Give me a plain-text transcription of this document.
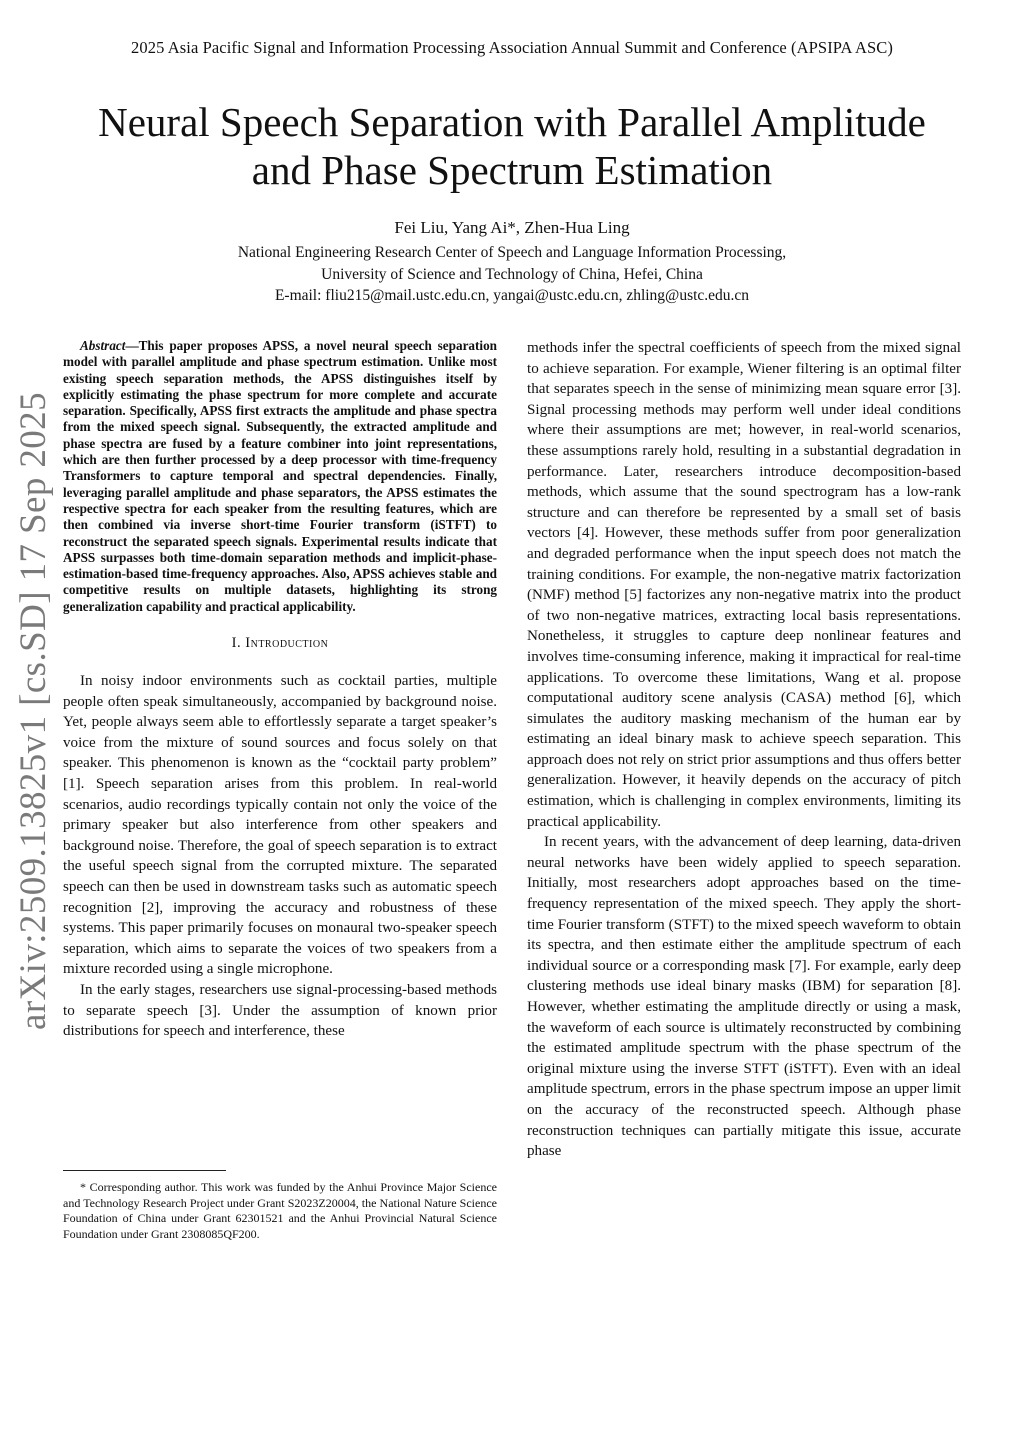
2025 Asia Pacific Signal and Information Processing Association Annual Summit and Conference (APSIPA ASC)
Neural Speech Separation with Parallel Amplitude
and Phase Spectrum Estimation
Fei Liu, Yang Ai*, Zhen-Hua Ling
National Engineering Research Center of Speech and Language Information Processing,
University of Science and Technology of China, Hefei, China
E-mail: fliu215@mail.ustc.edu.cn, yangai@ustc.edu.cn, zhling@ustc.edu.cn
arXiv:2509.13825v1 [cs.SD] 17 Sep 2025

Abstract—This paper proposes APSS, a novel neural speech separation model with parallel amplitude and phase spectrum estimation. Unlike most existing speech separation methods, the APSS distinguishes itself by explicitly estimating the phase spectrum for more complete and accurate separation. Specifically, APSS first extracts the amplitude and phase spectra from the mixed speech signal. Subsequently, the extracted amplitude and phase spectra are fused by a feature combiner into joint representations, which are then further processed by a deep processor with time-frequency Transformers to capture temporal and spectral dependencies. Finally, leveraging parallel amplitude and phase separators, the APSS estimates the respective spectra for each speaker from the resulting features, which are then combined via inverse short-time Fourier transform (iSTFT) to reconstruct the separated speech signals. Experimental results indicate that APSS surpasses both time-domain separation methods and implicit-phase-estimation-based time-frequency approaches. Also, APSS achieves stable and competitive results on multiple datasets, highlighting its strong generalization capability and practical applicability.

I. Introduction

In noisy indoor environments such as cocktail parties, multiple people often speak simultaneously, accompanied by background noise. Yet, people always seem able to effortlessly separate a target speaker’s voice from the mixture of sound sources and focus solely on that speaker. This phenomenon is known as the “cocktail party problem” [1]. Speech separation arises from this problem. In real-world scenarios, audio recordings typically contain not only the voice of the primary speaker but also interference from other speakers and background noise. Therefore, the goal of speech separation is to extract the useful speech signal from the corrupted mixture. The separated speech can then be used in downstream tasks such as automatic speech recognition [2], improving the accuracy and robustness of these systems. This paper primarily focuses on monaural two-speaker speech separation, which aims to separate the voices of two speakers from a mixture recorded using a single microphone.

In the early stages, researchers use signal-processing-based methods to separate speech [3]. Under the assumption of known prior distributions for speech and interference, these

methods infer the spectral coefficients of speech from the mixed signal to achieve separation. For example, Wiener filtering is an optimal filter that separates speech in the sense of minimizing mean square error [3]. Signal processing methods may perform well under ideal conditions where their assumptions are met; however, in real-world scenarios, these assumptions rarely hold, resulting in a substantial degradation in performance. Later, researchers introduce decomposition-based methods, which assume that the sound spectrogram has a low-rank structure and can therefore be represented by a small set of basis vectors [4]. However, these methods suffer from poor generalization and degraded performance when the input speech does not match the training conditions. For example, the non-negative matrix factorization (NMF) method [5] factorizes any non-negative matrix into the product of two non-negative matrices, extracting local basis representations. Nonetheless, it struggles to capture deep nonlinear features and involves time-consuming inference, making it impractical for real-time applications. To overcome these limitations, Wang et al. propose computational auditory scene analysis (CASA) method [6], which simulates the auditory masking mechanism of the human ear by estimating an ideal binary mask to achieve speech separation. This approach does not rely on strict prior assumptions and thus offers better generalization. However, it heavily depends on the accuracy of pitch estimation, which is challenging in complex environments, limiting its practical applicability.

In recent years, with the advancement of deep learning, data-driven neural networks have been widely applied to speech separation. Initially, most researchers adopt approaches based on the time-frequency representation of the mixed speech. They apply the short-time Fourier transform (STFT) to the mixed speech waveform to obtain its spectra, and then estimate either the amplitude spectrum of each individual source or a corresponding mask [7]. For example, early deep clustering methods use ideal binary masks (IBM) for separation [8]. However, whether estimating the amplitude directly or using a mask, the waveform of each source is ultimately reconstructed by combining the estimated amplitude spectrum with the phase spectrum of the original mixture using the inverse STFT (iSTFT). Even with an ideal amplitude spectrum, errors in the phase spectrum impose an upper limit on the accuracy of the reconstructed speech. Although phase reconstruction techniques can partially mitigate this issue, accurate phase

* Corresponding author. This work was funded by the Anhui Province Major Science and Technology Research Project under Grant S2023Z20004, the National Nature Science Foundation of China under Grant 62301521 and the Anhui Provincial Natural Science Foundation under Grant 2308085QF200.
